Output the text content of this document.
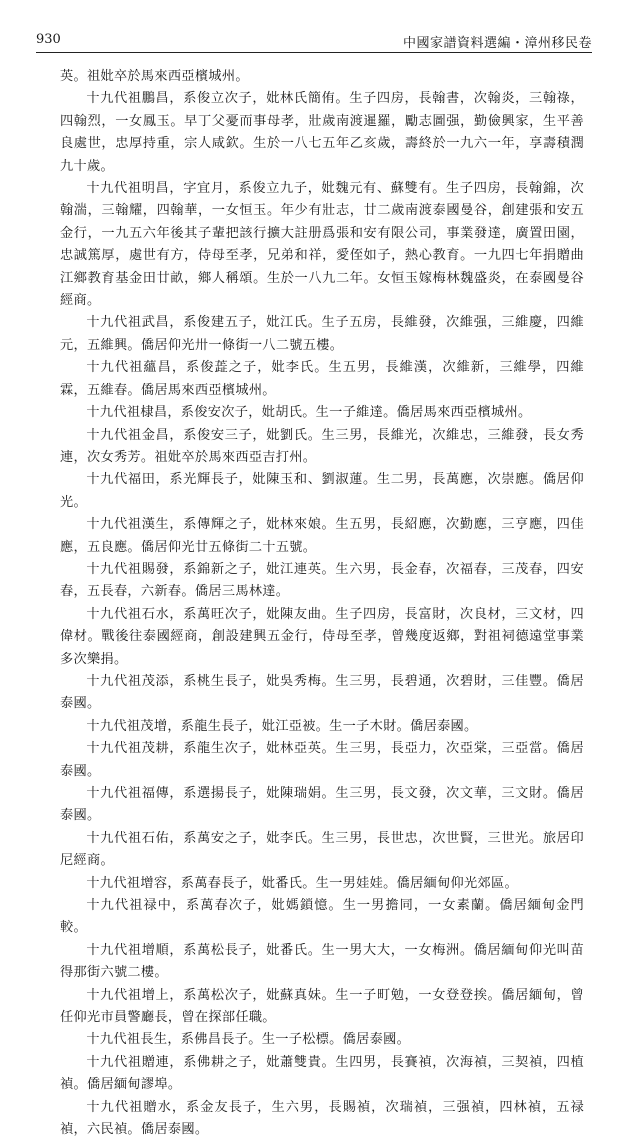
930	中國家譜資料選編・漳州移民卷

英。祖妣卒於馬來西亞檳城州。

十九代祖鵬昌，系俊立次子，妣林氏簡侑。生子四房，長翰書，次翰炎，三翰祿，四翰烈，一女鳳玉。早丁父憂而事母孝，壯歲南渡暹羅，勵志圖强，勤儉興家，生平善良處世，忠厚持重，宗人咸欽。生於一八七五年乙亥歲，壽終於一九六一年，享壽積潤九十歲。

十九代祖明昌，字宜月，系俊立九子，妣魏元有、蘇雙有。生子四房，長翰錦，次翰湍，三翰耀，四翰華，一女恒玉。年少有壯志，廿二歲南渡泰國曼谷，創建張和安五金行，一九五六年後其子輩把該行擴大註册爲張和安有限公司，事業發達，廣置田園，忠誠篤厚，處世有方，侍母至孝，兄弟和祥，愛侄如子，熱心教育。一九四七年捐贈曲江鄉教育基金田廿畝，鄉人稱頌。生於一八九二年。女恒玉嫁梅林魏盛炎，在泰國曼谷經商。

十九代祖武昌，系俊建五子，妣江氏。生子五房，長維發，次維强，三維慶，四維元，五維興。僑居仰光卅一條街一八二號五樓。

十九代祖蘊昌，系俊蕋之子，妣李氏。生五男，長維漢，次維新，三維學，四維霖，五維春。僑居馬來西亞檳城州。

十九代祖棣昌，系俊安次子，妣胡氏。生一子維達。僑居馬來西亞檳城州。

十九代祖金昌，系俊安三子，妣劉氏。生三男，長維光，次維忠，三維發，長女秀連，次女秀芳。祖妣卒於馬來西亞吉打州。

十九代福田，系光輝長子，妣陳玉和、劉淑蓮。生二男，長萬應，次崇應。僑居仰光。

十九代祖漢生，系傳輝之子，妣林來娘。生五男，長紹應，次勤應，三亨應，四佳應，五良應。僑居仰光廿五條街二十五號。

十九代祖賜發，系錦新之子，妣江連英。生六男，長金春，次福春，三茂春，四安春，五長春，六新春。僑居三馬林達。

十九代祖石水，系萬旺次子，妣陳友曲。生子四房，長富財，次良材，三文材，四偉材。戰後往泰國經商，創設建興五金行，侍母至孝，曾幾度返鄉，對祖祠德遠堂事業多次樂捐。

十九代祖茂添，系桃生長子，妣吳秀梅。生三男，長碧通，次碧財，三佳豐。僑居泰國。

十九代祖茂增，系龍生長子，妣江亞被。生一子木財。僑居泰國。

十九代祖茂耕，系龍生次子，妣林亞英。生三男，長亞力，次亞棠，三亞當。僑居泰國。

十九代祖福傳，系選揚長子，妣陳瑞娟。生三男，長文發，次文華，三文財。僑居泰國。

十九代祖石佑，系萬安之子，妣李氏。生三男，長世忠，次世賢，三世光。旅居印尼經商。

十九代祖增容，系萬春長子，妣番氏。生一男娃娃。僑居緬甸仰光郊區。

十九代祖禄中，系萬春次子，妣媽鎖憶。生一男擔同，一女素蘭。僑居緬甸金門較。

十九代祖增順，系萬松長子，妣番氏。生一男大大，一女梅洲。僑居緬甸仰光叫苗得那街六號二樓。

十九代祖增上，系萬松次子，妣蘇真妹。生一子町勉，一女登登挨。僑居緬甸，曾任仰光市員警廳長，曾在探部任職。

十九代祖長生，系佛昌長子。生一子松標。僑居泰國。

十九代祖贈連，系佛耕之子，妣蕭雙貴。生四男，長賽禎，次海禎，三契禎，四植禎。僑居緬甸謬埠。

十九代祖贈水，系金友長子，生六男，長賜禎，次瑞禎，三强禎，四林禎，五禄禎，六民禎。僑居泰國。
